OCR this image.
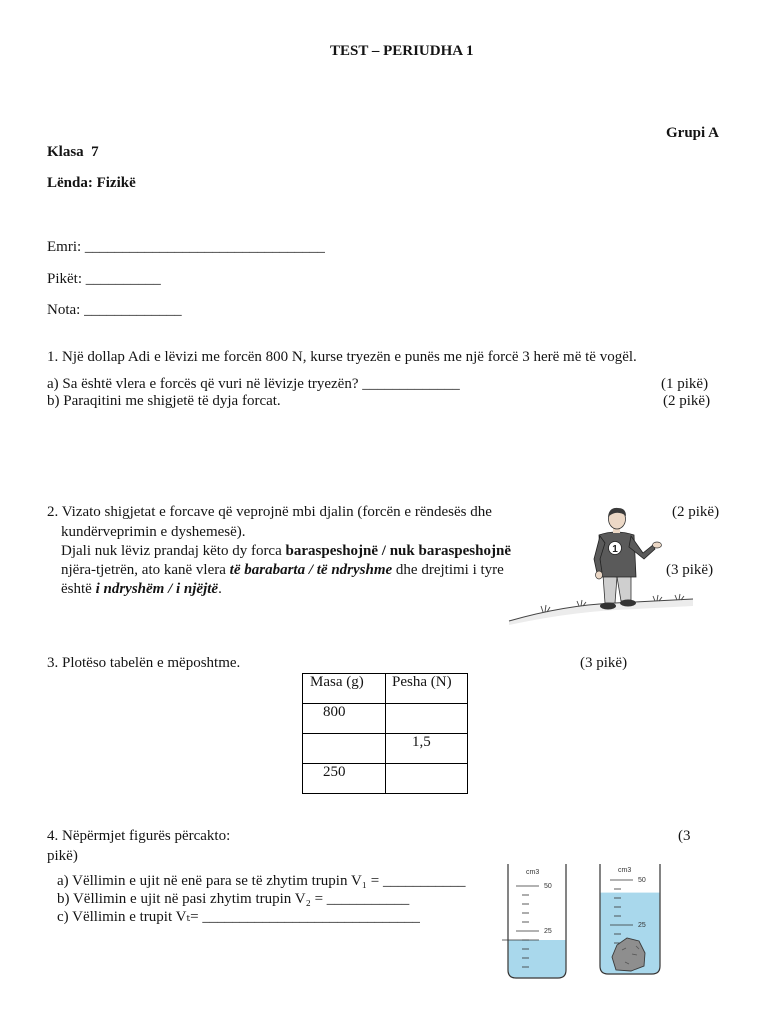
1
TEST – PERIUDHA 1
Grupi A
Klasa  7
Lënda: Fizikë
Emri: ________________________________
Pikët: __________
Nota: _____________
1. Një dollap Adi e lëvizi me forcën 800 N, kurse tryezën e punës me një forcë 3 herë më të vogël.
a) Sa është vlera e forcës që vuri në lëvizje tryezën? _____________	(1 pikë)
b) Paraqitini me shigjetë të dyja forcat.	(2 pikë)
2. Vizato shigjetat e forcave që veprojnë mbi djalin (forcën e rëndesës dhe	(2 pikë)
kundërveprimin e dyshemesë).
Djali nuk lëviz prandaj këto dy forca baraspeshojnë / nuk baraspeshojnë
njëra-tjetrën, ato kanë vlera të barabarta / të ndryshme dhe drejtimi i tyre	(3 pikë)
është i ndryshëm / i njëjtë.
3. Plotëso tabelën e mëposhtme.	(3 pikë)
Masa (g)	Pesha (N)
800	
	1,5
250	
4. Nëpërmjet figurës përcakto:	(3
pikë)
a) Vëllimin e ujit në enë para se të zhytim trupin V₁ = ___________
b) Vëllimin e ujit në pasi zhytim trupin V₂ = ___________
c) Vëllimin e trupit Vₜ= _____________________________
cm3
50
25
cm3
50
25
